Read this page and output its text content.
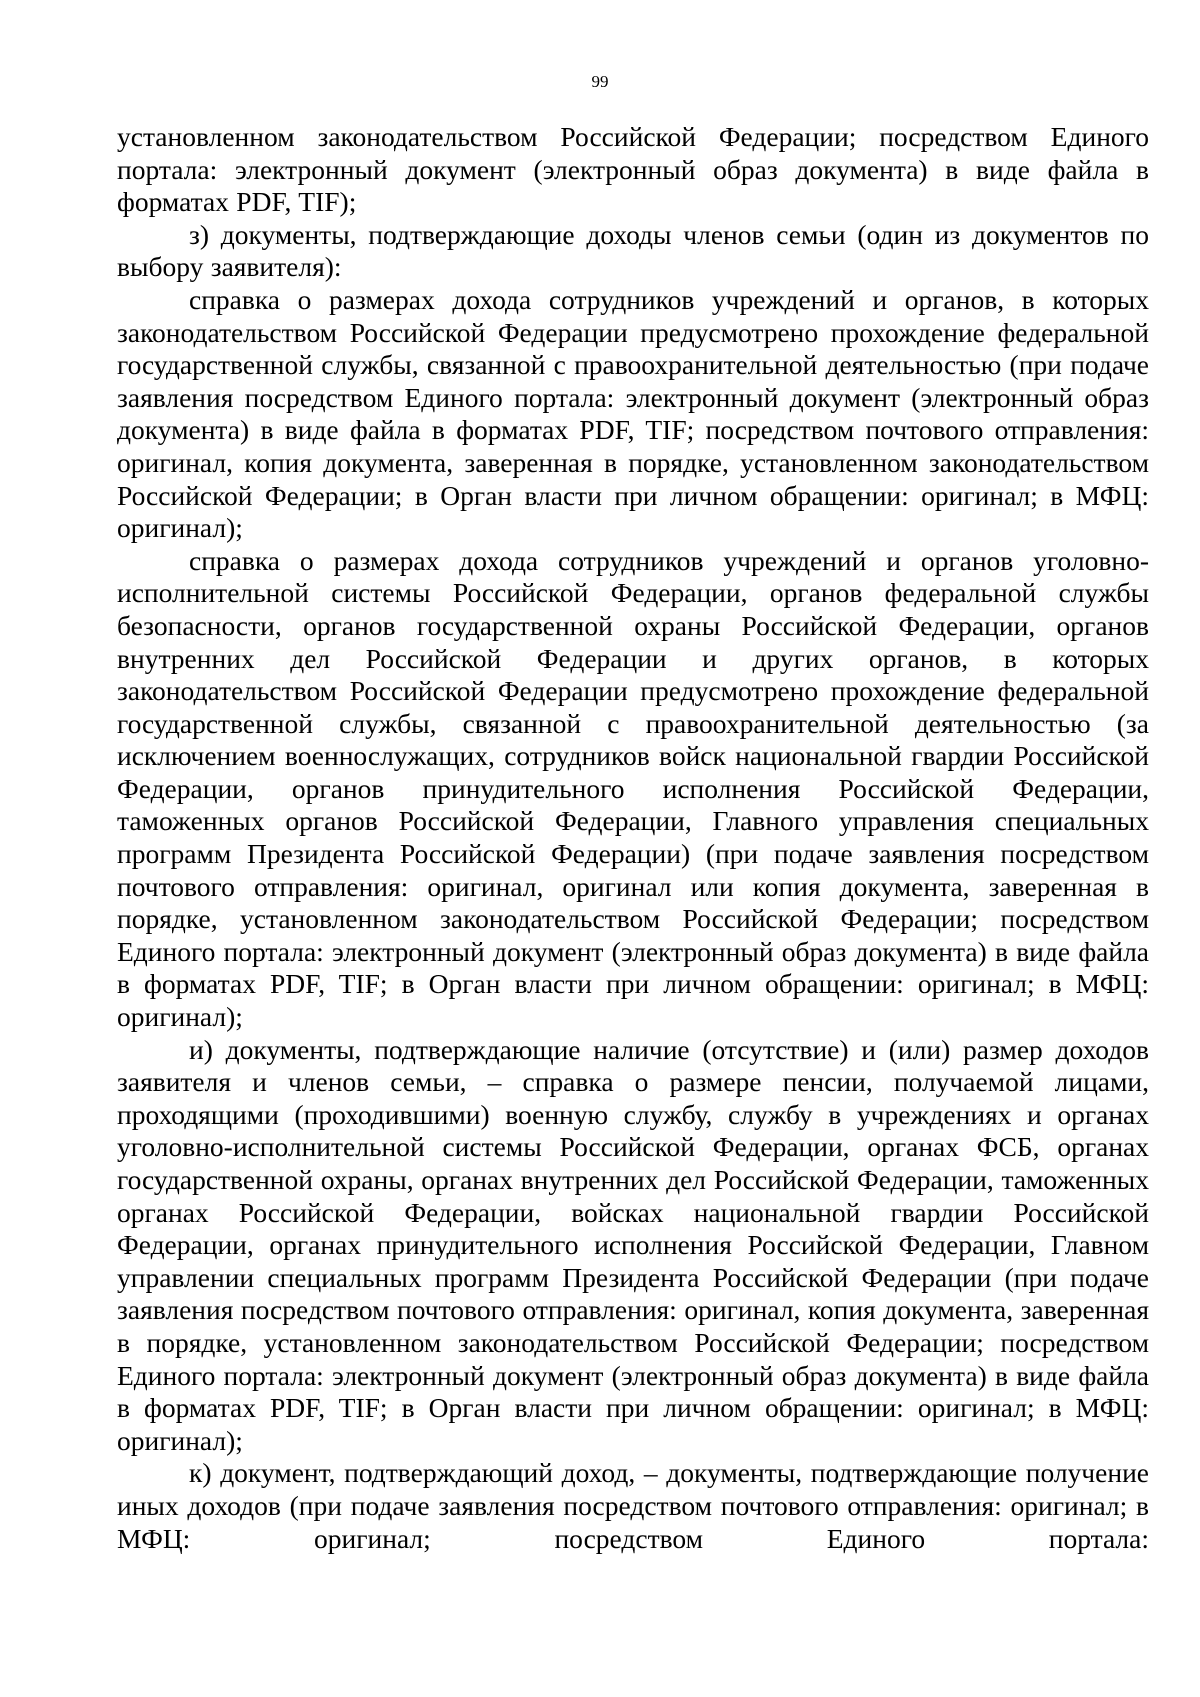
99

установленном законодательством Российской Федерации; посредством Единого портала: электронный документ (электронный образ документа) в виде файла в форматах PDF, TIF);

з) документы, подтверждающие доходы членов семьи (один из документов по выбору заявителя):

справка о размерах дохода сотрудников учреждений и органов, в которых законодательством Российской Федерации предусмотрено прохождение федеральной государственной службы, связанной с правоохранительной деятельностью (при подаче заявления посредством Единого портала: электронный документ (электронный образ документа) в виде файла в форматах PDF, TIF; посредством почтового отправления: оригинал, копия документа, заверенная в порядке, установленном законодательством Российской Федерации; в Орган власти при личном обращении: оригинал; в МФЦ: оригинал);

справка о размерах дохода сотрудников учреждений и органов уголовно-исполнительной системы Российской Федерации, органов федеральной службы безопасности, органов государственной охраны Российской Федерации, органов внутренних дел Российской Федерации и других органов, в которых законодательством Российской Федерации предусмотрено прохождение федеральной государственной службы, связанной с правоохранительной деятельностью (за исключением военнослужащих, сотрудников войск национальной гвардии Российской Федерации, органов принудительного исполнения Российской Федерации, таможенных органов Российской Федерации, Главного управления специальных программ Президента Российской Федерации) (при подаче заявления посредством почтового отправления: оригинал, оригинал или копия документа, заверенная в порядке, установленном законодательством Российской Федерации; посредством Единого портала: электронный документ (электронный образ документа) в виде файла в форматах PDF, TIF; в Орган власти при личном обращении: оригинал; в МФЦ: оригинал);

и) документы, подтверждающие наличие (отсутствие) и (или) размер доходов заявителя и членов семьи, – справка о размере пенсии, получаемой лицами, проходящими (проходившими) военную службу, службу в учреждениях и органах уголовно-исполнительной системы Российской Федерации, органах ФСБ, органах государственной охраны, органах внутренних дел Российской Федерации, таможенных органах Российской Федерации, войсках национальной гвардии Российской Федерации, органах принудительного исполнения Российской Федерации, Главном управлении специальных программ Президента Российской Федерации (при подаче заявления посредством почтового отправления: оригинал, копия документа, заверенная в порядке, установленном законодательством Российской Федерации; посредством Единого портала: электронный документ (электронный образ документа) в виде файла в форматах PDF, TIF; в Орган власти при личном обращении: оригинал; в МФЦ: оригинал);

к) документ, подтверждающий доход, – документы, подтверждающие получение иных доходов (при подаче заявления посредством почтового отправления: оригинал; в МФЦ: оригинал; посредством Единого портала:
